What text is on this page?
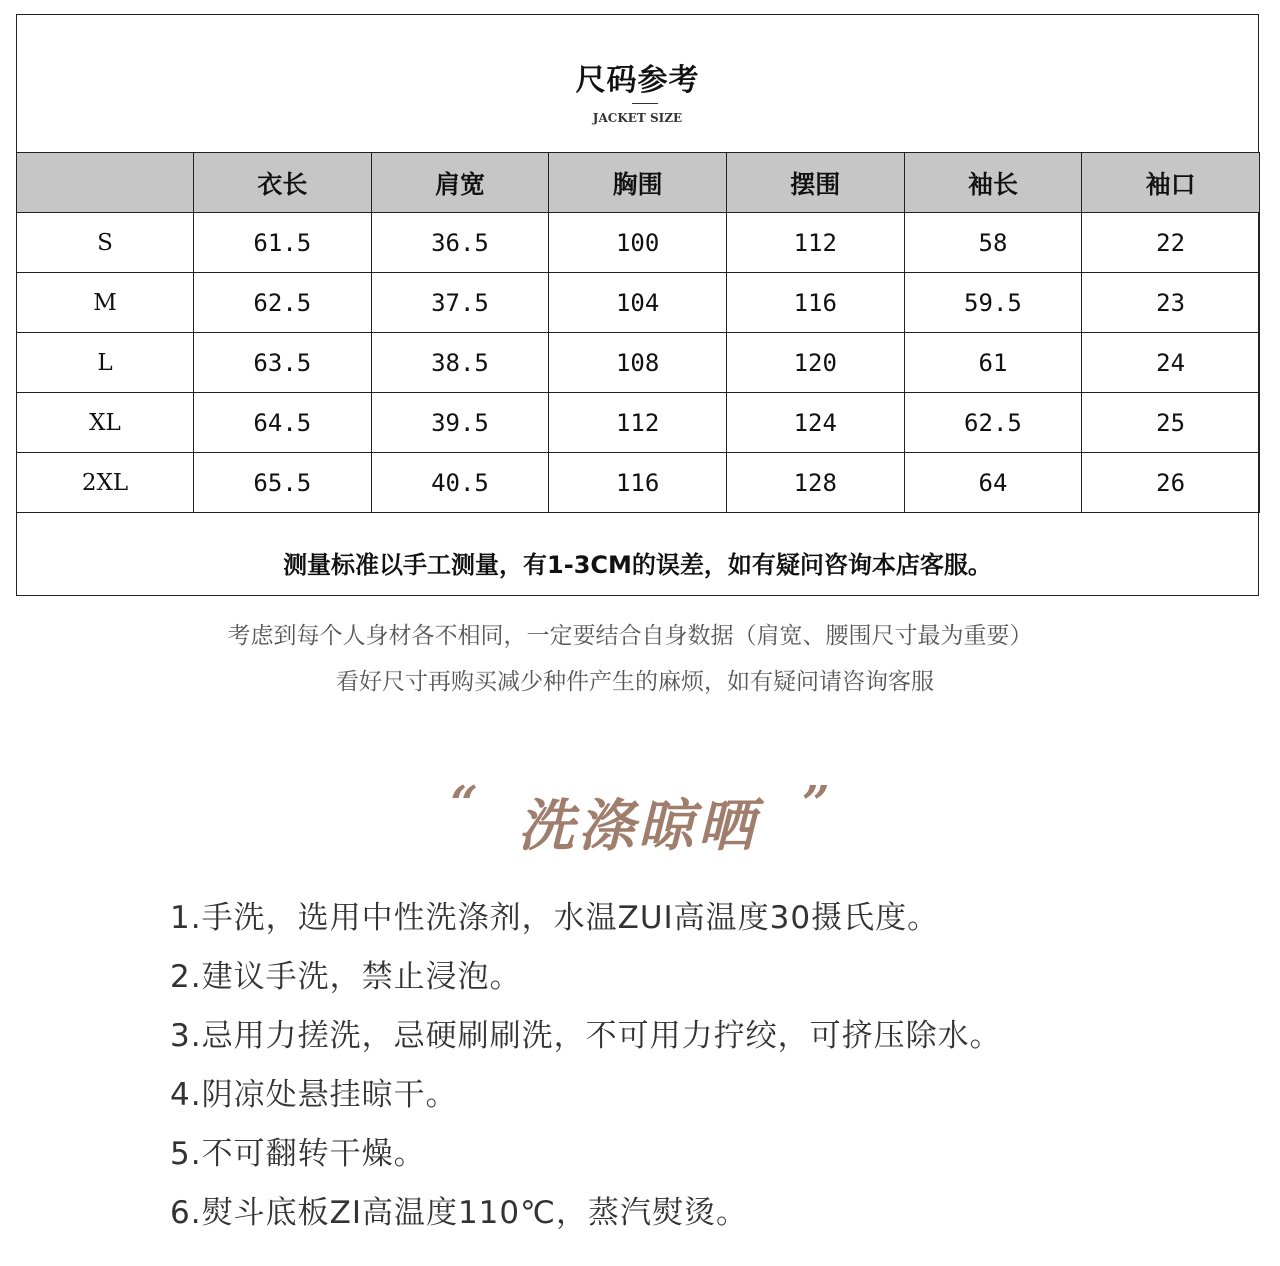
尺码参考
JACKET SIZE
	衣长	肩宽	胸围	摆围	袖长	袖口
S	61.5	36.5	100	112	58	22
M	62.5	37.5	104	116	59.5	23
L	63.5	38.5	108	120	61	24
XL	64.5	39.5	112	124	62.5	25
2XL	65.5	40.5	116	128	64	26
测量标准以手工测量，有1-3CM的误差，如有疑问咨询本店客服。
考虑到每个人身材各不相同，一定要结合自身数据（肩宽、腰围尺寸最为重要）
看好尺寸再购买减少种件产生的麻烦，如有疑问请咨询客服
“ 洗涤晾晒 ”
1.手洗，选用中性洗涤剂，水温ZUI高温度30摄氏度。
2.建议手洗，禁止浸泡。
3.忌用力搓洗，忌硬刷刷洗，不可用力拧绞，可挤压除水。
4.阴凉处悬挂晾干。
5.不可翻转干燥。
6.熨斗底板ZI高温度110℃，蒸汽熨烫。
